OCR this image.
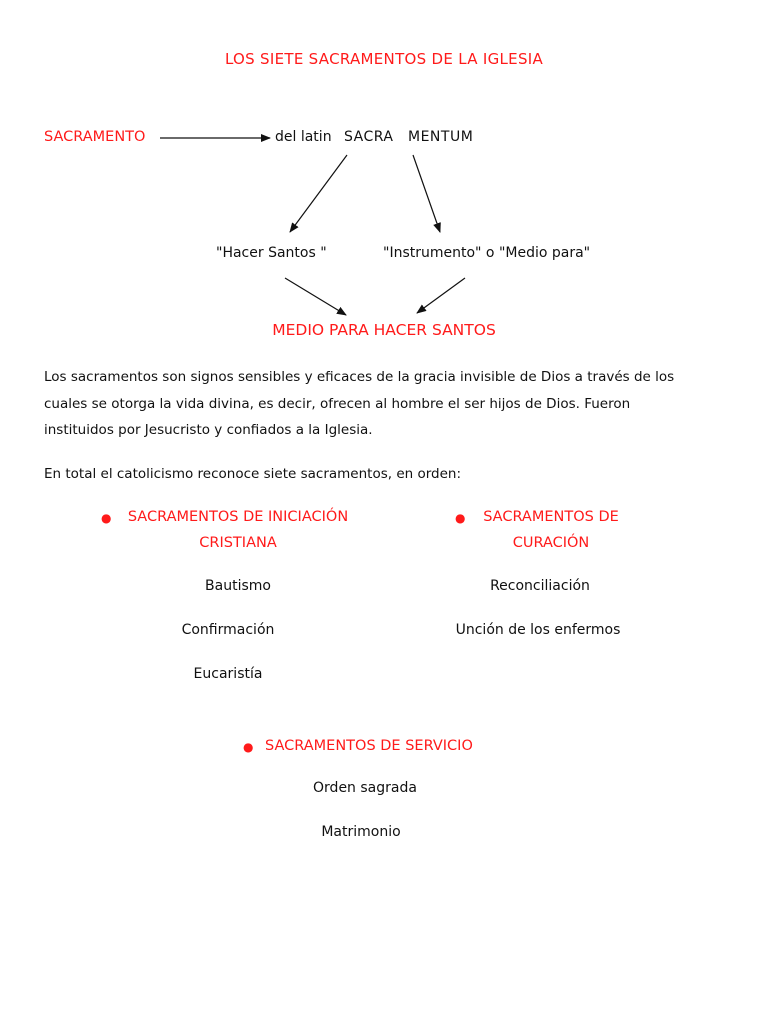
LOS SIETE SACRAMENTOS DE LA IGLESIA
SACRAMENTO	del latin SACRA MENTUM
"Hacer Santos "	"Instrumento" o "Medio para"
MEDIO PARA HACER SANTOS
Los sacramentos son signos sensibles y eficaces de la gracia invisible de Dios a través de los cuales se otorga la vida divina, es decir, ofrecen al hombre el ser hijos de Dios. Fueron instituidos por Jesucristo y confiados a la Iglesia.
En total el catolicismo reconoce siete sacramentos, en orden:
●	SACRAMENTOS DE INICIACIÓN
CRISTIANA
Bautismo
Confirmación
Eucaristía
●	SACRAMENTOS DE
CURACIÓN
Reconciliación
Unción de los enfermos
● SACRAMENTOS DE SERVICIO
Orden sagrada
Matrimonio
